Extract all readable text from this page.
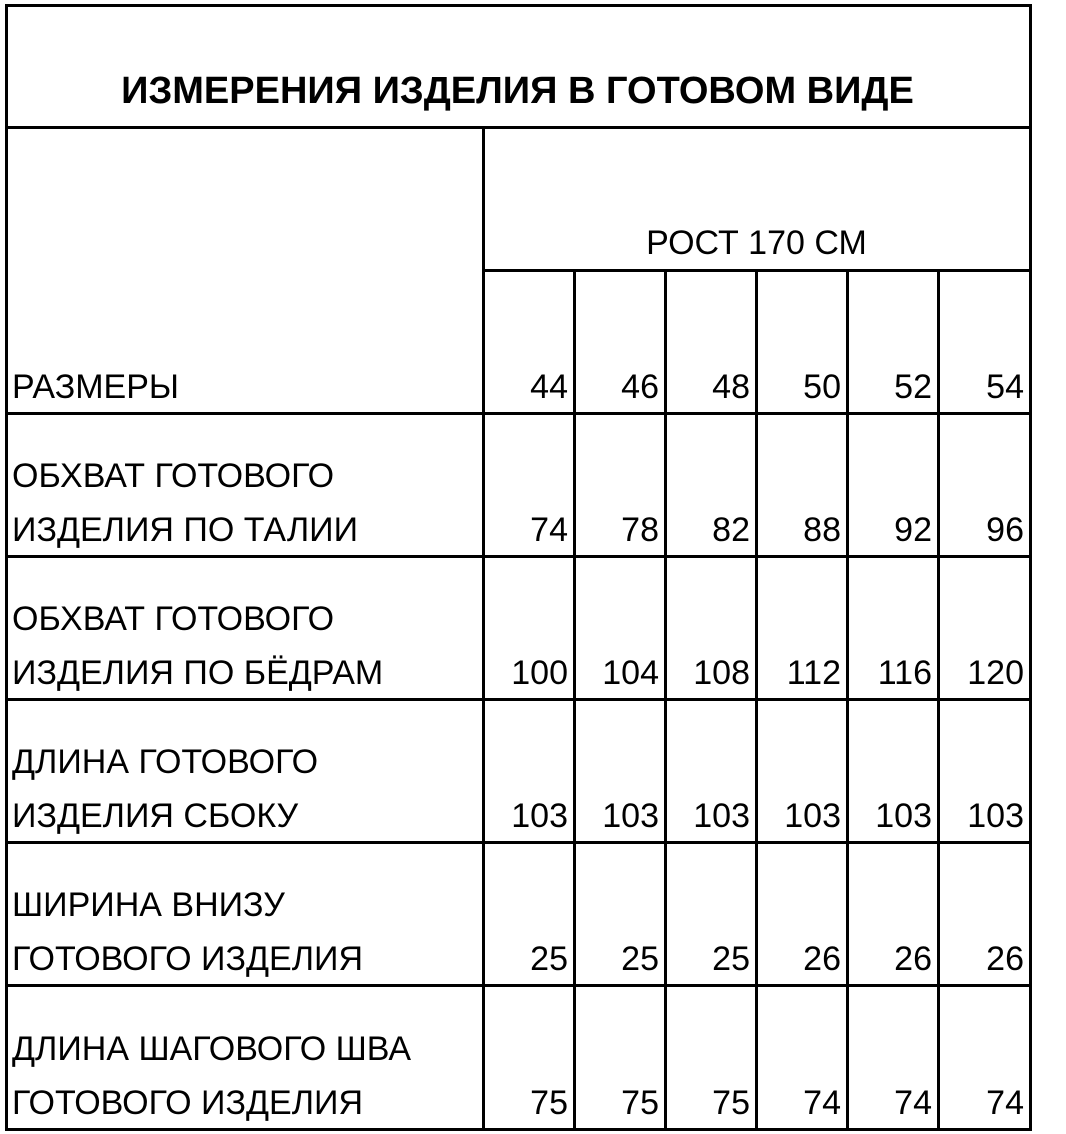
ИЗМЕРЕНИЯ ИЗДЕЛИЯ В ГОТОВОМ ВИДЕ
РОСТ 170 СМ
РАЗМЕРЫ	44	46	48	50	52	54
ОБХВАТ ГОТОВОГО
ИЗДЕЛИЯ ПО ТАЛИИ	74	78	82	88	92	96
ОБХВАТ ГОТОВОГО
ИЗДЕЛИЯ ПО БЁДРАМ	100	104	108	112	116	120
ДЛИНА ГОТОВОГО
ИЗДЕЛИЯ СБОКУ	103	103	103	103	103	103
ШИРИНА ВНИЗУ
ГОТОВОГО ИЗДЕЛИЯ	25	25	25	26	26	26
ДЛИНА ШАГОВОГО ШВА
ГОТОВОГО ИЗДЕЛИЯ	75	75	75	74	74	74
